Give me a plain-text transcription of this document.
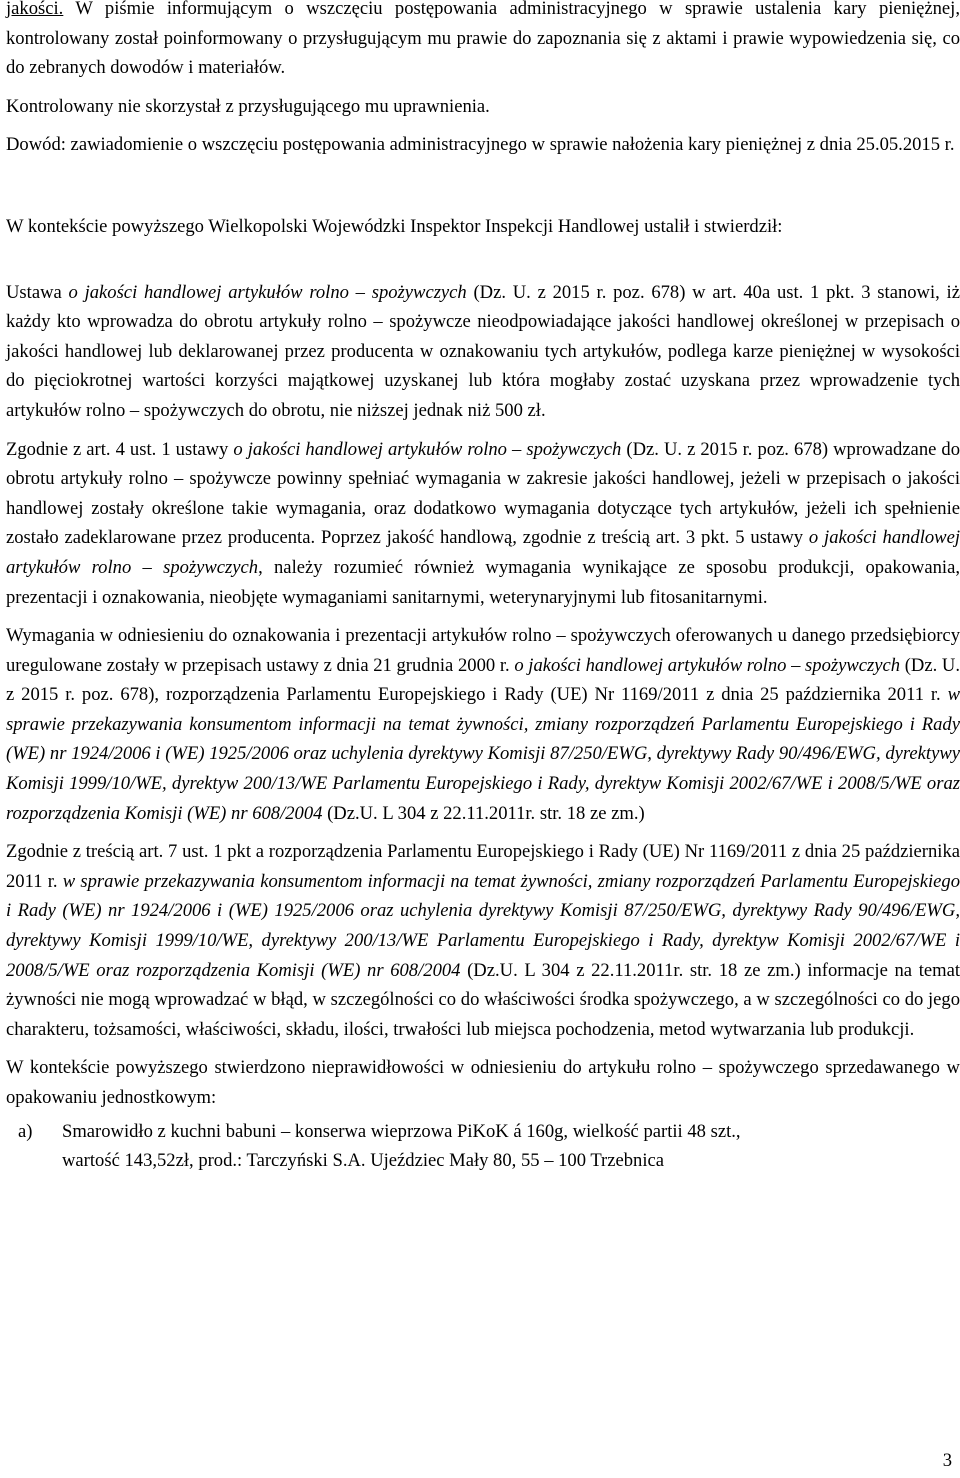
jakości. W piśmie informującym o wszczęciu postępowania administracyjnego w sprawie ustalenia kary pieniężnej, kontrolowany został poinformowany o przysługującym mu prawie do zapoznania się z aktami i prawie wypowiedzenia się, co do zebranych dowodów i materiałów.

Kontrolowany nie skorzystał z przysługującego mu uprawnienia.

Dowód: zawiadomienie o wszczęciu postępowania administracyjnego w sprawie nałożenia kary pieniężnej z dnia 25.05.2015 r.

W kontekście powyższego Wielkopolski Wojewódzki Inspektor Inspekcji Handlowej ustalił i stwierdził:

Ustawa o jakości handlowej artykułów rolno – spożywczych (Dz. U. z 2015 r. poz. 678) w art. 40a ust. 1 pkt. 3 stanowi, iż każdy kto wprowadza do obrotu artykuły rolno – spożywcze nieodpowiadające jakości handlowej określonej w przepisach o jakości handlowej lub deklarowanej przez producenta w oznakowaniu tych artykułów, podlega karze pieniężnej w wysokości do pięciokrotnej wartości korzyści majątkowej uzyskanej lub która mogłaby zostać uzyskana przez wprowadzenie tych artykułów rolno – spożywczych do obrotu, nie niższej jednak niż 500 zł.

Zgodnie z art. 4 ust. 1 ustawy o jakości handlowej artykułów rolno – spożywczych (Dz. U. z 2015 r. poz. 678) wprowadzane do obrotu artykuły rolno – spożywcze powinny spełniać wymagania w zakresie jakości handlowej, jeżeli w przepisach o jakości handlowej zostały określone takie wymagania, oraz dodatkowo wymagania dotyczące tych artykułów, jeżeli ich spełnienie zostało zadeklarowane przez producenta. Poprzez jakość handlową, zgodnie z treścią art. 3 pkt. 5 ustawy o jakości handlowej artykułów rolno – spożywczych, należy rozumieć również wymagania wynikające ze sposobu produkcji, opakowania, prezentacji i oznakowania, nieobjęte wymaganiami sanitarnymi, weterynaryjnymi lub fitosanitarnymi.

Wymagania w odniesieniu do oznakowania i prezentacji artykułów rolno – spożywczych oferowanych u danego przedsiębiorcy uregulowane zostały w przepisach ustawy z dnia 21 grudnia 2000 r. o jakości handlowej artykułów rolno – spożywczych (Dz. U. z 2015 r. poz. 678), rozporządzenia Parlamentu Europejskiego i Rady (UE) Nr 1169/2011 z dnia 25 października 2011 r. w sprawie przekazywania konsumentom informacji na temat żywności, zmiany rozporządzeń Parlamentu Europejskiego i Rady (WE) nr 1924/2006 i (WE) 1925/2006 oraz uchylenia dyrektywy Komisji 87/250/EWG, dyrektywy Rady 90/496/EWG, dyrektywy Komisji 1999/10/WE, dyrektyw 200/13/WE Parlamentu Europejskiego i Rady, dyrektyw Komisji 2002/67/WE i 2008/5/WE oraz rozporządzenia Komisji (WE) nr 608/2004 (Dz.U. L 304 z 22.11.2011r. str. 18 ze zm.)

Zgodnie z treścią art. 7 ust. 1 pkt a rozporządzenia Parlamentu Europejskiego i Rady (UE) Nr 1169/2011 z dnia 25 października 2011 r. w sprawie przekazywania konsumentom informacji na temat żywności, zmiany rozporządzeń Parlamentu Europejskiego i Rady (WE) nr 1924/2006 i (WE) 1925/2006 oraz uchylenia dyrektywy Komisji 87/250/EWG, dyrektywy Rady 90/496/EWG, dyrektywy Komisji 1999/10/WE, dyrektywy 200/13/WE Parlamentu Europejskiego i Rady, dyrektyw Komisji 2002/67/WE i 2008/5/WE oraz rozporządzenia Komisji (WE) nr 608/2004 (Dz.U. L 304 z 22.11.2011r. str. 18 ze zm.) informacje na temat żywności nie mogą wprowadzać w błąd, w szczególności co do właściwości środka spożywczego, a w szczególności co do jego charakteru, tożsamości, właściwości, składu, ilości, trwałości lub miejsca pochodzenia, metod wytwarzania lub produkcji.

W kontekście powyższego stwierdzono nieprawidłowości w odniesieniu do artykułu rolno – spożywczego sprzedawanego w opakowaniu jednostkowym:

a)	Smarowidło z kuchni babuni – konserwa wieprzowa PiKoK á 160g, wielkość partii 48 szt.,
wartość 143,52zł, prod.: Tarczyński S.A. Ujeździec Mały 80, 55 – 100 Trzebnica
3
